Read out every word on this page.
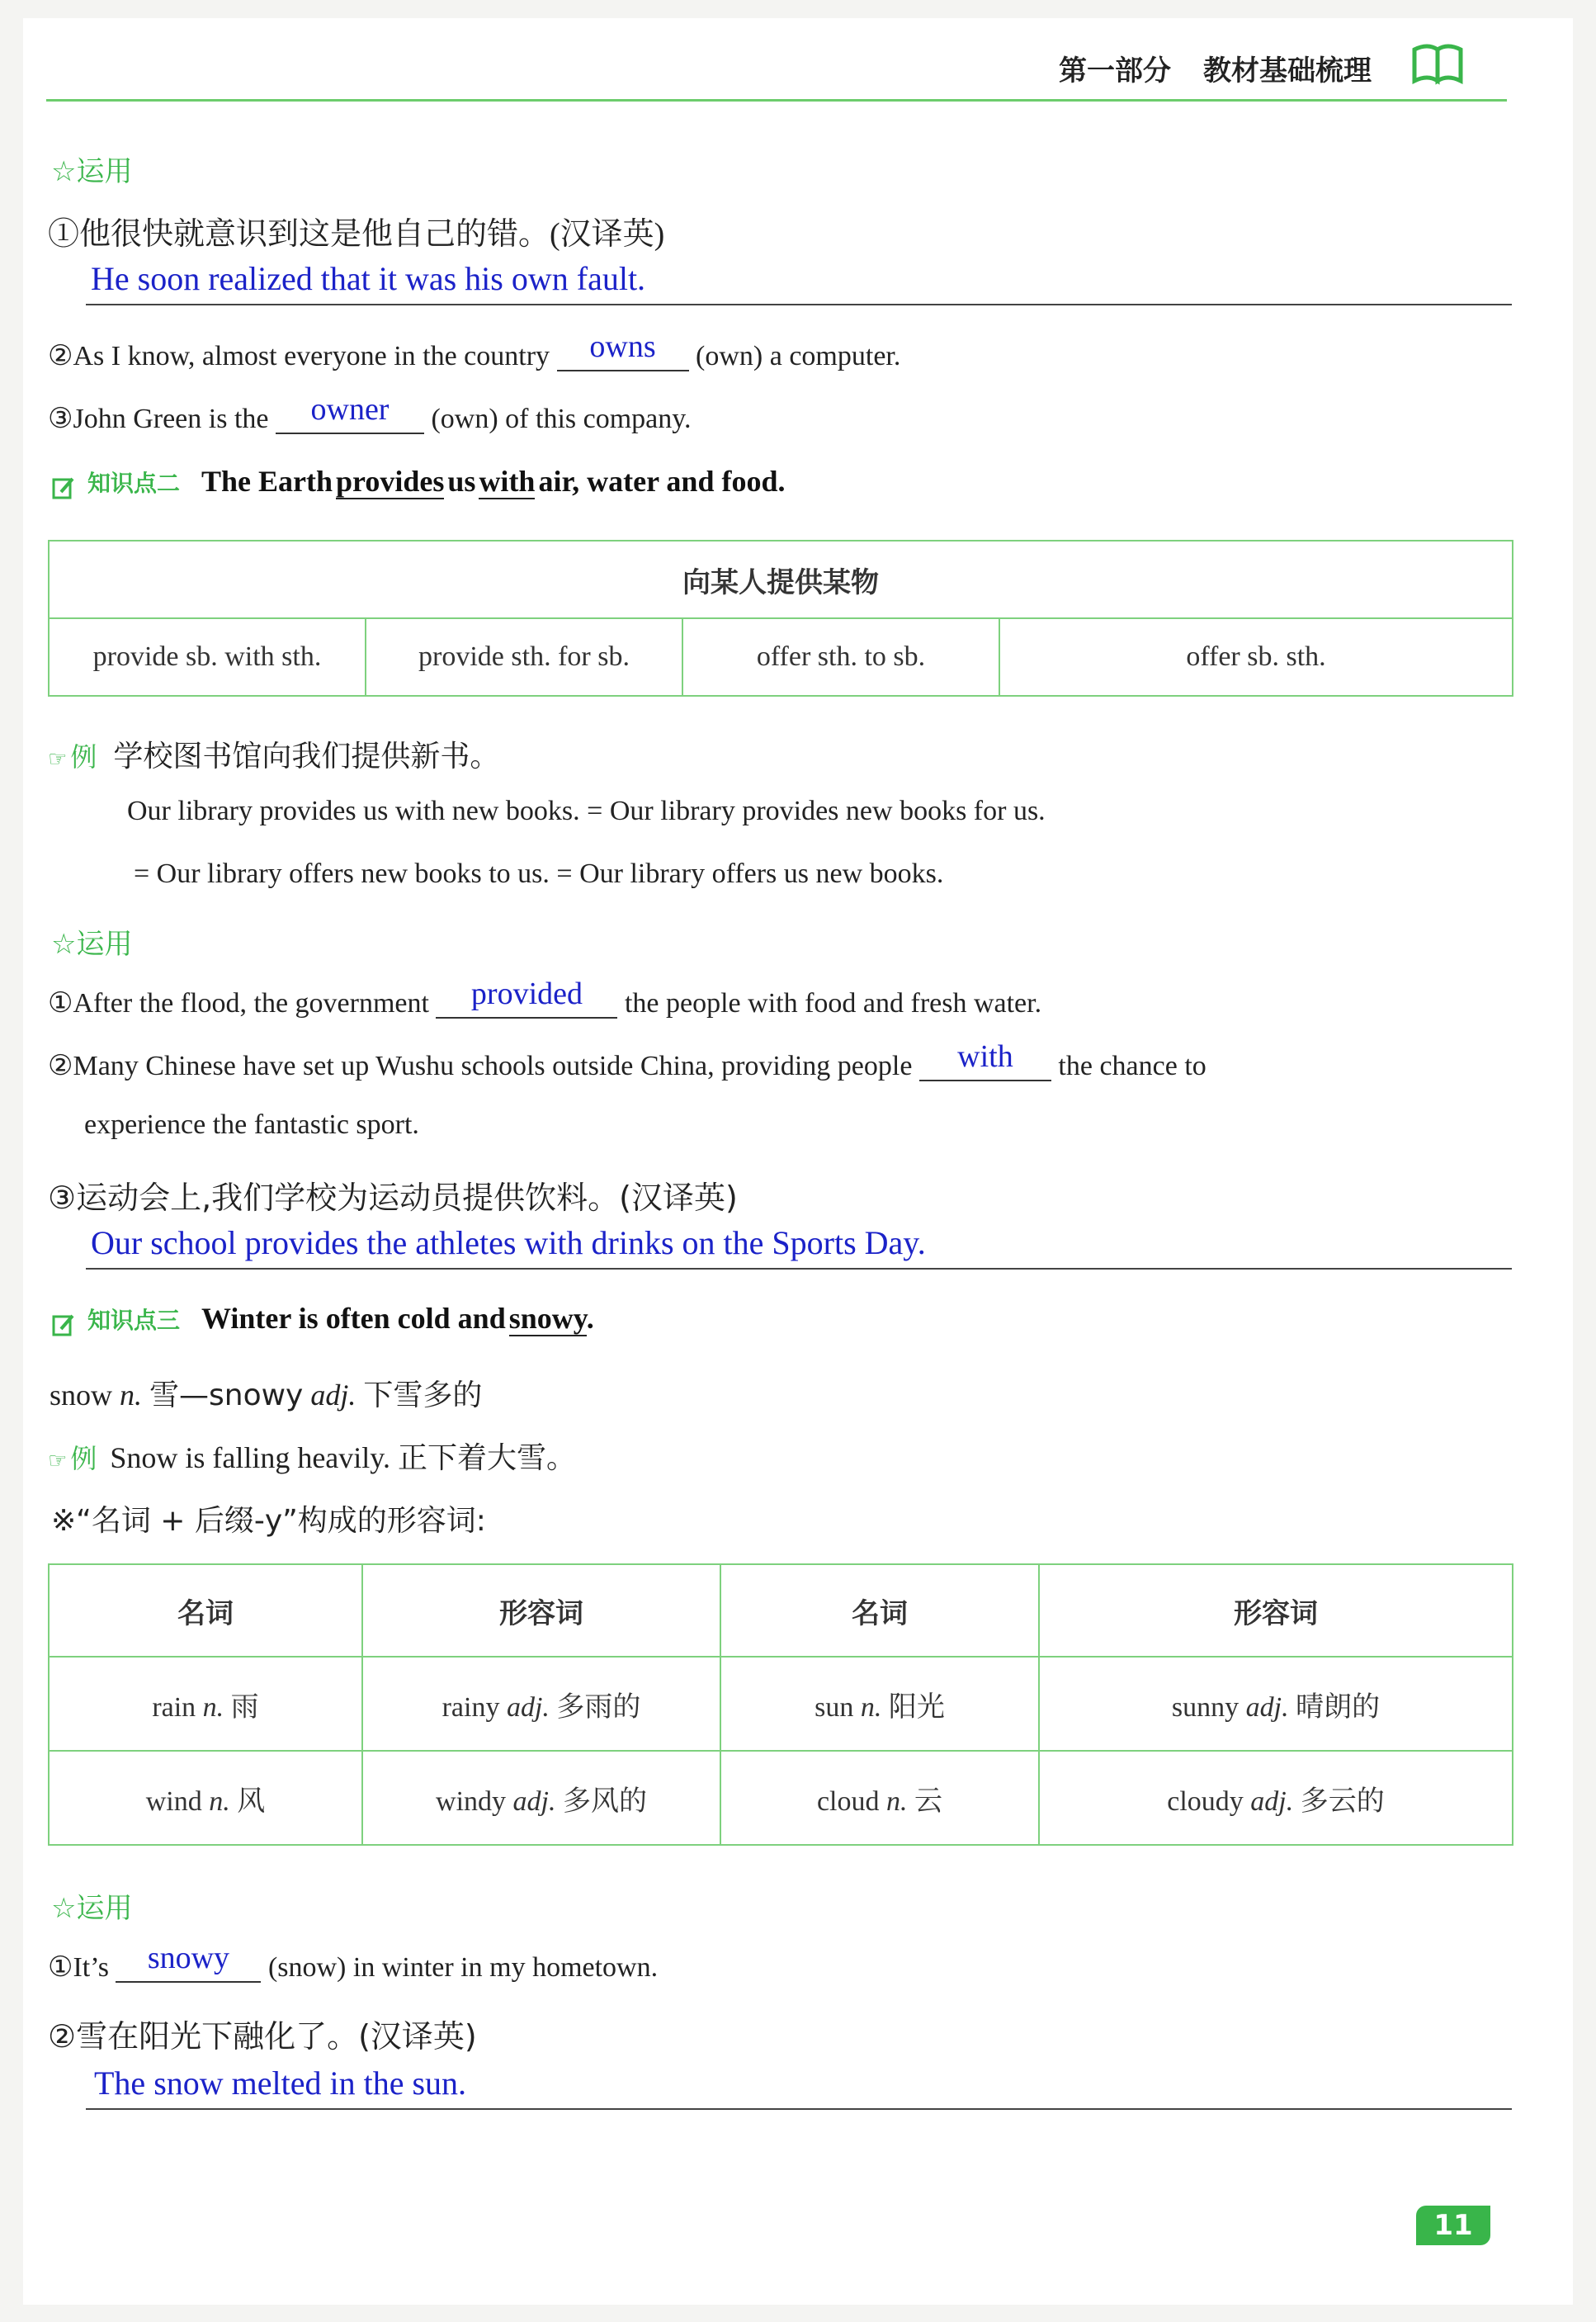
第一部分 教材基础梳理
☆运用
①他很快就意识到这是他自己的错。(汉译英)
He soon realized that it was his own fault.
②As I know, almost everyone in the country owns (own) a computer.
③John Green is the owner (own) of this company.
知识点二 The Earth provides us with air, water and food.
向某人提供某物
provide sb. with sth.	provide sth. for sb.	offer sth. to sb.	offer sb. sth.
☞ 例 学校图书馆向我们提供新书。
Our library provides us with new books. = Our library provides new books for us.
= Our library offers new books to us. = Our library offers us new books.
☆运用
①After the flood, the government provided the people with food and fresh water.
②Many Chinese have set up Wushu schools outside China, providing people with the chance to
experience the fantastic sport.
③运动会上,我们学校为运动员提供饮料。(汉译英)
Our school provides the athletes with drinks on the Sports Day.
知识点三 Winter is often cold and snowy.
snow n. 雪—snowy adj. 下雪多的
☞ 例 Snow is falling heavily. 正下着大雪。
※“名词 + 后缀-y”构成的形容词:
名词	形容词	名词	形容词
rain n. 雨	rainy adj. 多雨的	sun n. 阳光	sunny adj. 晴朗的
wind n. 风	windy adj. 多风的	cloud n. 云	cloudy adj. 多云的
☆运用
①It’s snowy (snow) in winter in my hometown.
②雪在阳光下融化了。(汉译英)
The snow melted in the sun.
11
